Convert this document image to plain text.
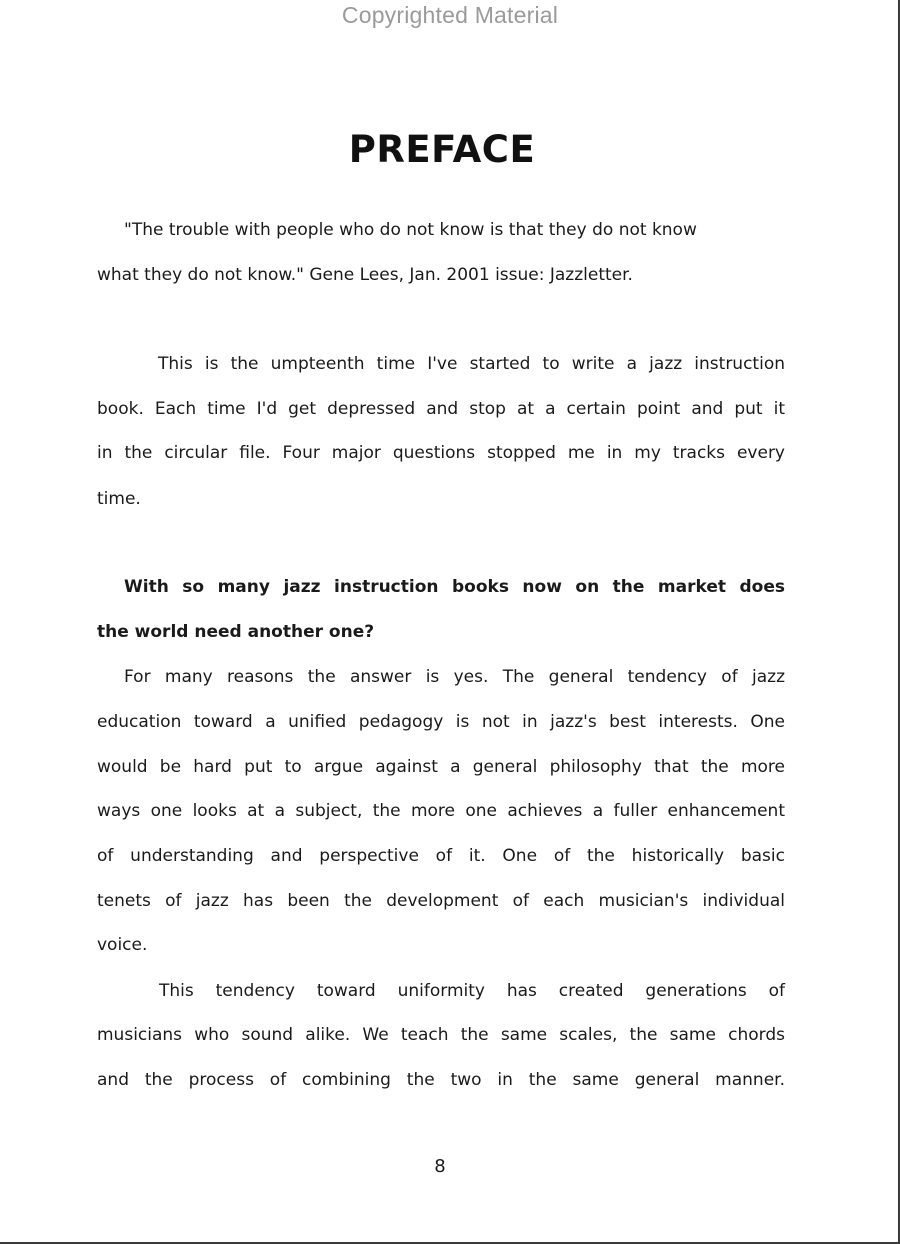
Copyrighted Material
PREFACE
"The trouble with people who do not know is that they do not know
what they do not know." Gene Lees, Jan. 2001 issue: Jazzletter.
This is the umpteenth time I've started to write a jazz instruction
book. Each time I'd get depressed and stop at a certain point and put it
in the circular file. Four major questions stopped me in my tracks every
time.
With so many jazz instruction books now on the market does
the world need another one?
For many reasons the answer is yes. The general tendency of jazz
education toward a unified pedagogy is not in jazz's best interests. One
would be hard put to argue against a general philosophy that the more
ways one looks at a subject, the more one achieves a fuller enhancement
of understanding and perspective of it. One of the historically basic
tenets of jazz has been the development of each musician's individual
voice.
This tendency toward uniformity has created generations of
musicians who sound alike. We teach the same scales, the same chords
and the process of combining the two in the same general manner.
8
